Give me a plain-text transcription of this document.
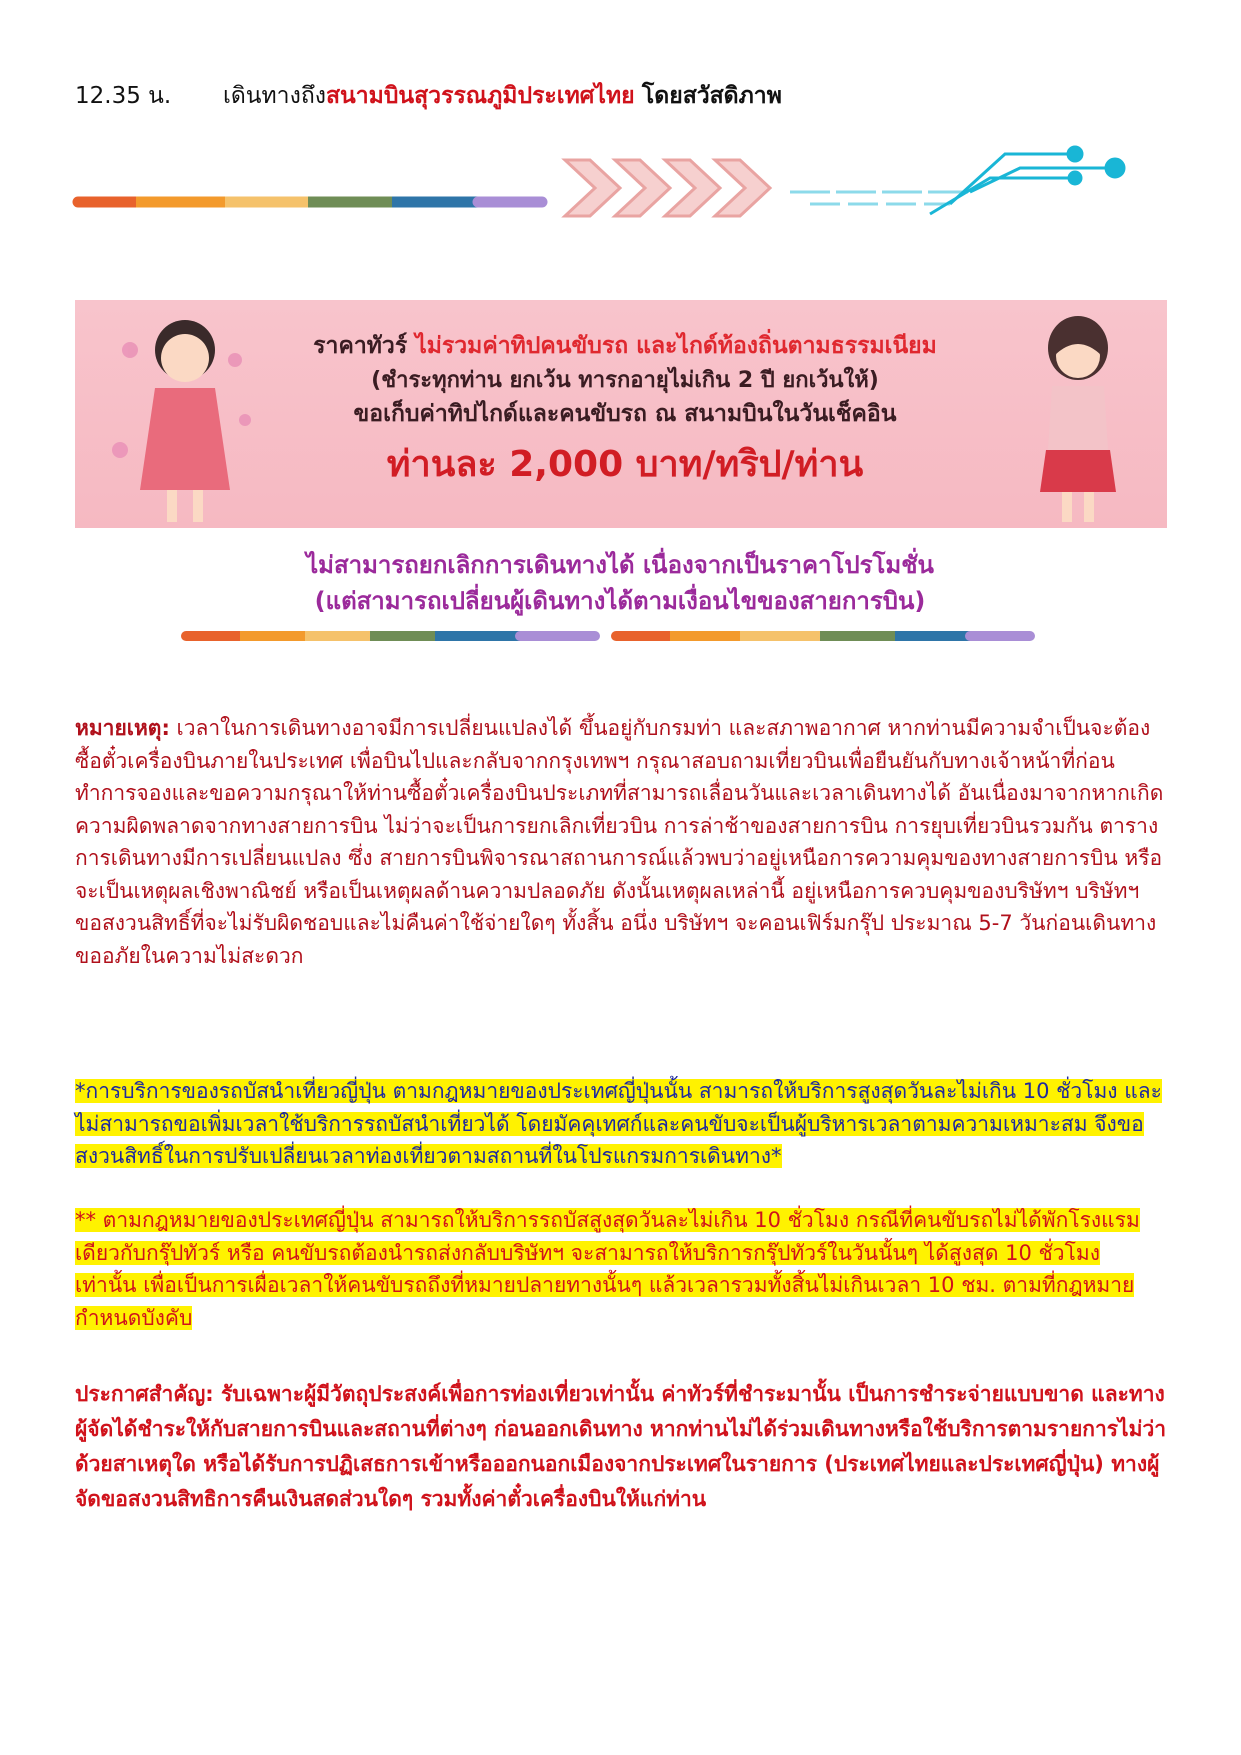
12.35 น. เดินทางถึงสนามบินสุวรรณภูมิประเทศไทย โดยสวัสดิภาพ
ราคาทัวร์ ไม่รวมค่าทิปคนขับรถ และไกด์ท้องถิ่นตามธรรมเนียม
(ชำระทุกท่าน ยกเว้น ทารกอายุไม่เกิน 2 ปี ยกเว้นให้)
ขอเก็บค่าทิปไกด์และคนขับรถ ณ สนามบินในวันเช็คอิน
ท่านละ 2,000 บาท/ทริป/ท่าน
ไม่สามารถยกเลิกการเดินทางได้ เนื่องจากเป็นราคาโปรโมชั่น
(แต่สามารถเปลี่ยนผู้เดินทางได้ตามเงื่อนไขของสายการบิน)
หมายเหตุ: เวลาในการเดินทางอาจมีการเปลี่ยนแปลงได้ ขึ้นอยู่กับกรมท่า และสภาพอากาศ หากท่านมีความจำเป็นจะต้องซื้อตั๋วเครื่องบินภายในประเทศ เพื่อบินไปและกลับจากกรุงเทพฯ กรุณาสอบถามเที่ยวบินเพื่อยืนยันกับทางเจ้าหน้าที่ก่อนทำการจองและขอความกรุณาให้ท่านซื้อตั๋วเครื่องบินประเภทที่สามารถเลื่อนวันและเวลาเดินทางได้ อันเนื่องมาจากหากเกิดความผิดพลาดจากทางสายการบิน ไม่ว่าจะเป็นการยกเลิกเที่ยวบิน การล่าช้าของสายการบิน การยุบเที่ยวบินรวมกัน ตารางการเดินทางมีการเปลี่ยนแปลง ซึ่ง สายการบินพิจารณาสถานการณ์แล้วพบว่าอยู่เหนือการความคุมของทางสายการบิน หรือจะเป็นเหตุผลเชิงพาณิชย์ หรือเป็นเหตุผลด้านความปลอดภัย ดังนั้นเหตุผลเหล่านี้ อยู่เหนือการควบคุมของบริษัทฯ บริษัทฯ ขอสงวนสิทธิ์ที่จะไม่รับผิดชอบและไม่คืนค่าใช้จ่ายใดๆ ทั้งสิ้น อนึ่ง บริษัทฯ จะคอนเฟิร์มกรุ๊ป ประมาณ 5-7 วันก่อนเดินทาง ขออภัยในความไม่สะดวก
*การบริการของรถบัสนำเที่ยวญี่ปุ่น ตามกฎหมายของประเทศญี่ปุ่นนั้น สามารถให้บริการสูงสุดวันละไม่เกิน 10 ชั่วโมง และไม่สามารถขอเพิ่มเวลาใช้บริการรถบัสนำเที่ยวได้ โดยมัคคุเทศก์และคนขับจะเป็นผู้บริหารเวลาตามความเหมาะสม จึงขอสงวนสิทธิ์ในการปรับเปลี่ยนเวลาท่องเที่ยวตามสถานที่ในโปรแกรมการเดินทาง*
** ตามกฎหมายของประเทศญี่ปุ่น สามารถให้บริการรถบัสสูงสุดวันละไม่เกิน 10 ชั่วโมง กรณีที่คนขับรถไม่ได้พักโรงแรมเดียวกับกรุ๊ปทัวร์ หรือ คนขับรถต้องนำรถส่งกลับบริษัทฯ จะสามารถให้บริการกรุ๊ปทัวร์ในวันนั้นๆ ได้สูงสุด 10 ชั่วโมง เท่านั้น เพื่อเป็นการเผื่อเวลาให้คนขับรถถึงที่หมายปลายทางนั้นๆ แล้วเวลารวมทั้งสิ้นไม่เกินเวลา 10 ชม. ตามที่กฎหมายกำหนดบังคับ
ประกาศสำคัญ: รับเฉพาะผู้มีวัตถุประสงค์เพื่อการท่องเที่ยวเท่านั้น ค่าทัวร์ที่ชำระมานั้น เป็นการชำระจ่ายแบบขาด และทางผู้จัดได้ชำระให้กับสายการบินและสถานที่ต่างๆ ก่อนออกเดินทาง หากท่านไม่ได้ร่วมเดินทางหรือใช้บริการตามรายการไม่ว่าด้วยสาเหตุใด หรือได้รับการปฏิเสธการเข้าหรือออกนอกเมืองจากประเทศในรายการ (ประเทศไทยและประเทศญี่ปุ่น) ทางผู้จัดขอสงวนสิทธิการคืนเงินสดส่วนใดๆ รวมทั้งค่าตั๋วเครื่องบินให้แก่ท่าน
